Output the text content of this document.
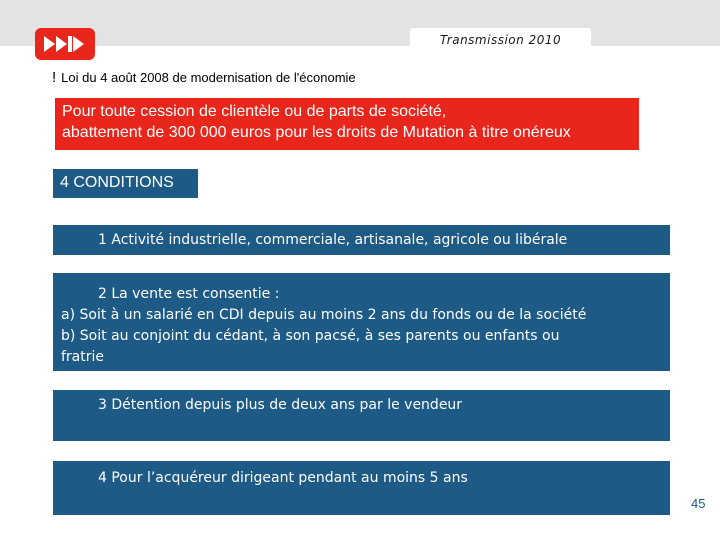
Transmission 2010
! Loi du 4 août 2008 de modernisation de l'économie
Pour toute cession de clientèle ou de parts de société,
abattement de 300 000 euros pour les droits de Mutation à titre onéreux
4 CONDITIONS
1 Activité industrielle, commerciale, artisanale, agricole ou libérale
2 La vente est consentie :
a) Soit à un salarié en CDI depuis au moins 2 ans du fonds ou de la société
b) Soit au conjoint du cédant, à son pacsé, à ses parents ou enfants ou
fratrie
3 Détention depuis plus de deux ans par le vendeur
4 Pour l’acquéreur dirigeant pendant au moins 5 ans
45
